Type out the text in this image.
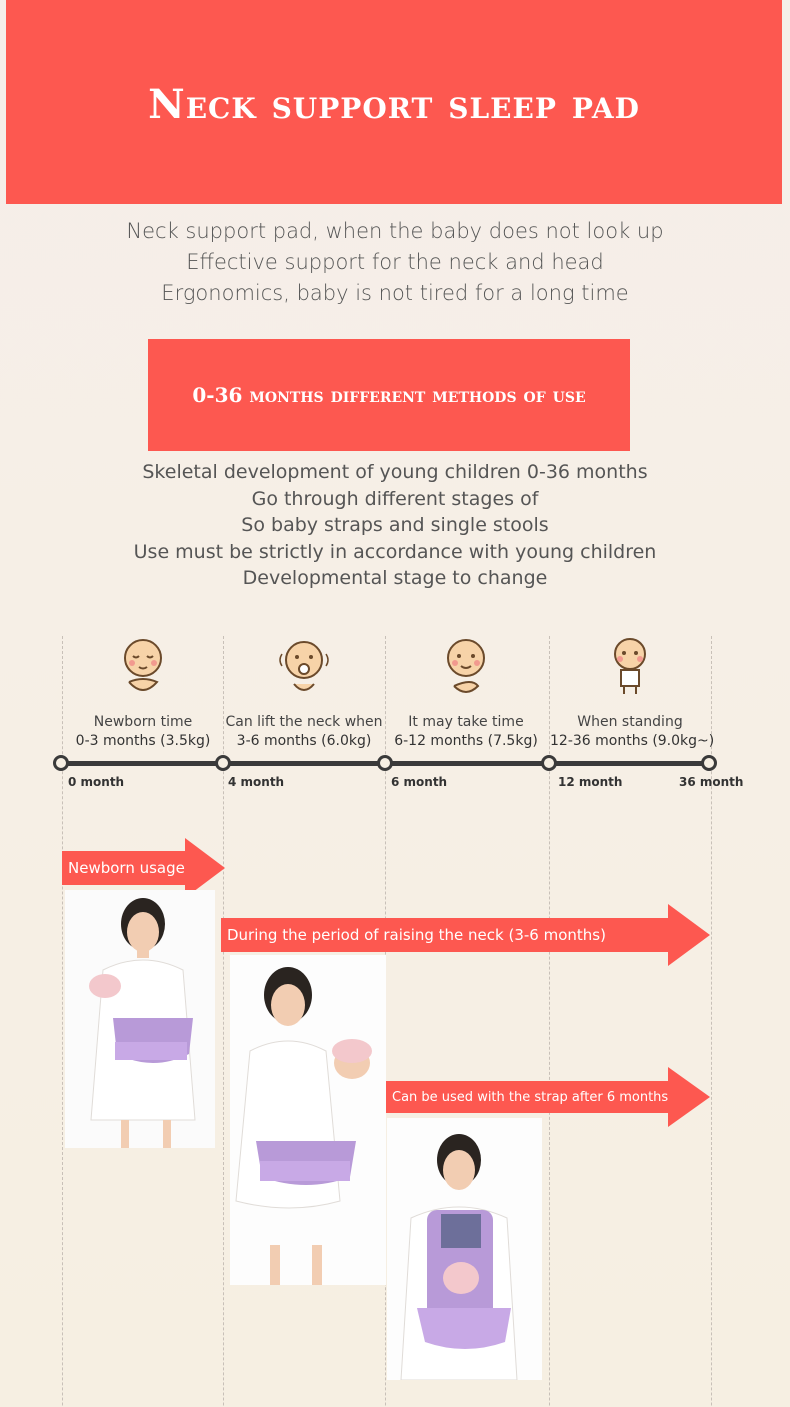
Neck support sleep pad
Neck support pad, when the baby does not look up
Effective support for the neck and head
Ergonomics, baby is not tired for a long time
0-36 months different methods of use
Skeletal development of young children 0-36 months
Go through different stages of
So baby straps and single stools
Use must be strictly in accordance with young children
Developmental stage to change
Newborn time
0-3 months (3.5kg)
Can lift the neck when
3-6 months (6.0kg)
It may take time
6-12 months (7.5kg)
When standing
12-36 months (9.0kg~)
0 month	4 month	6 month	12 month	36 month
Newborn usage
During the period of raising the neck (3-6 months)
Can be used with the strap after 6 months
